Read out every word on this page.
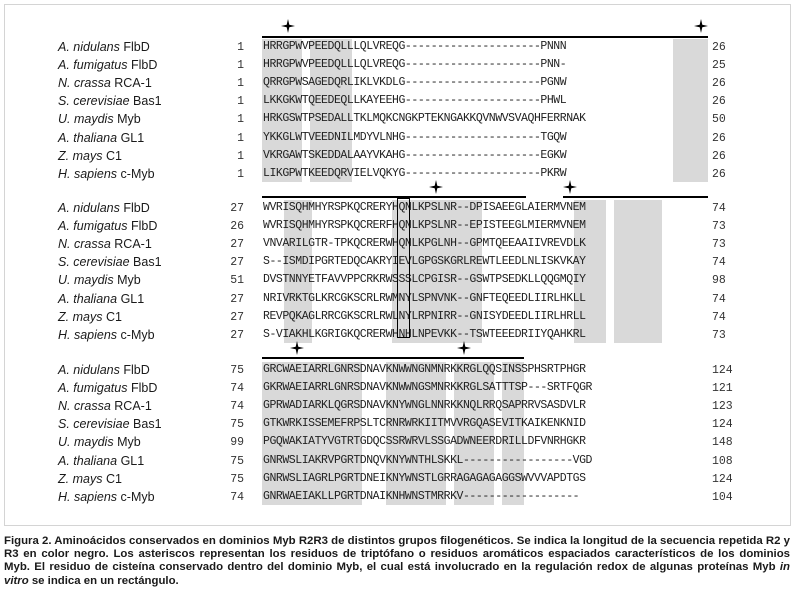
A. nidulans FlbD	1 HRRGPWVPEEDQLLLQLVREQG---------------------PNNN	26
A. fumigatus FlbD	1 HRRGPWVPEEDQLLLQLVREQG---------------------PNN-	25
N. crassa RCA-1	1 QRRGPWSAGEDQRLIKLVKDLG---------------------PGNW	26
S. cerevisiae Bas1	1 LKKGKWTQEEDEQLLKAYEEHG---------------------PHWL	26
U. maydis Myb	1 HRKGSWTPSEDALLTKLMQKCNGKPTEKNGAKKQVNWVSVAQHFERRNAK	50
A. thaliana GL1	1 YKKGLWTVEEDNILMDYVLNHG---------------------TGQW	26
Z. mays C1	1 VKRGAWTSKEDDALAAYVKAHG---------------------EGKW	26
H. sapiens c-Myb	1 LIKGPWTKEEDQRVIELVQKYG---------------------PKRW	26
A. nidulans FlbD	27 WVRISQHMHYRSPKQCRERYHQNLKPSLNR--DPISAEEGLAIERMVNEM	74
A. fumigatus FlbD	26 WVRISQHMHYRSPKQCRERFHQNLKPSLNR--EPISTEEGLMIERMVNEM	73
N. crassa RCA-1	27 VNVARILGTR-TPKQCRERWHQNLKPGLNH--GPMTQEEAAIIVREVDLK	73
S. cerevisiae Bas1	27 S--ISMDIPGRTEDQCAKRYIEVLGPGSKGRLREWTLEEDLNLISKVKAY	74
U. maydis Myb	51 DVSTNNYETFAVVPPCRKRWSSSLCPGISR--GSWTPSEDKLLQQGMQIY	98
A. thaliana GL1	27 NRIVRKTGLKRCGKSCRLRWMNYLSPNVNK--GNFTEQEEDLIIRLHKLL	74
Z. mays C1	27 REVPQKAGLRRCGKSCRLRWLNYLRPNIRR--GNISYDEEDLIIRLHRLL	74
H. sapiens c-Myb	27 S-VIAKHLKGRIGKQCRERWHNHLNPEVKK--TSWTEEEDRIIYQAHKRL	73
A. nidulans FlbD	75 GRCWAEIARRLGNRSDNAVKNWWNGNMNRKKRGLQQSINSSPHSRTPHGR	124
A. fumigatus FlbD	74 GKRWAEIARRLGNRSDNAVKNWWNGSMNRKKRGLSATTTSP---SRTFQGR	121
N. crassa RCA-1	74 GPRWADIARKLQGRSDNAVKNYWNGLNNRKKNQLRRQSAPRRVSASDVLR	123
S. cerevisiae Bas1	75 GTKWRKISSEMEFRPSLTCRNRWRKIITMVVRGQASEVITKAIKENKNID	124
U. maydis Myb	99 PGQWAKIATYVGTRTGDQCSSRWRVLSSGADWNEERDRILLDFVNRHGKR	148
A. thaliana GL1	75 GNRWSLIAKRVPGRTDNQVKNYWNTHLSKKL-----------------VGD	108
Z. mays C1	75 GNRWSLIAGRLPGRTDNEIKNYWNSTLGRRAGAGAGAGGSWVVVAPDTGS	124
H. sapiens c-Myb	74 GNRWAEIAKLLPGRTDNAIKNHWNSTMRRKV------------------	104
Figura 2. Aminoácidos conservados en dominios Myb R2R3 de distintos grupos filogenéticos. Se indica la longitud de la secuencia repetida R2 y R3 en color negro. Los asteriscos representan los residuos de triptófano o residuos aromáticos espaciados característicos de los dominios Myb. El residuo de cisteína conservado dentro del dominio Myb, el cual está involucrado en la regulación redox de algunas proteínas Myb in vitro se indica en un rectángulo.
